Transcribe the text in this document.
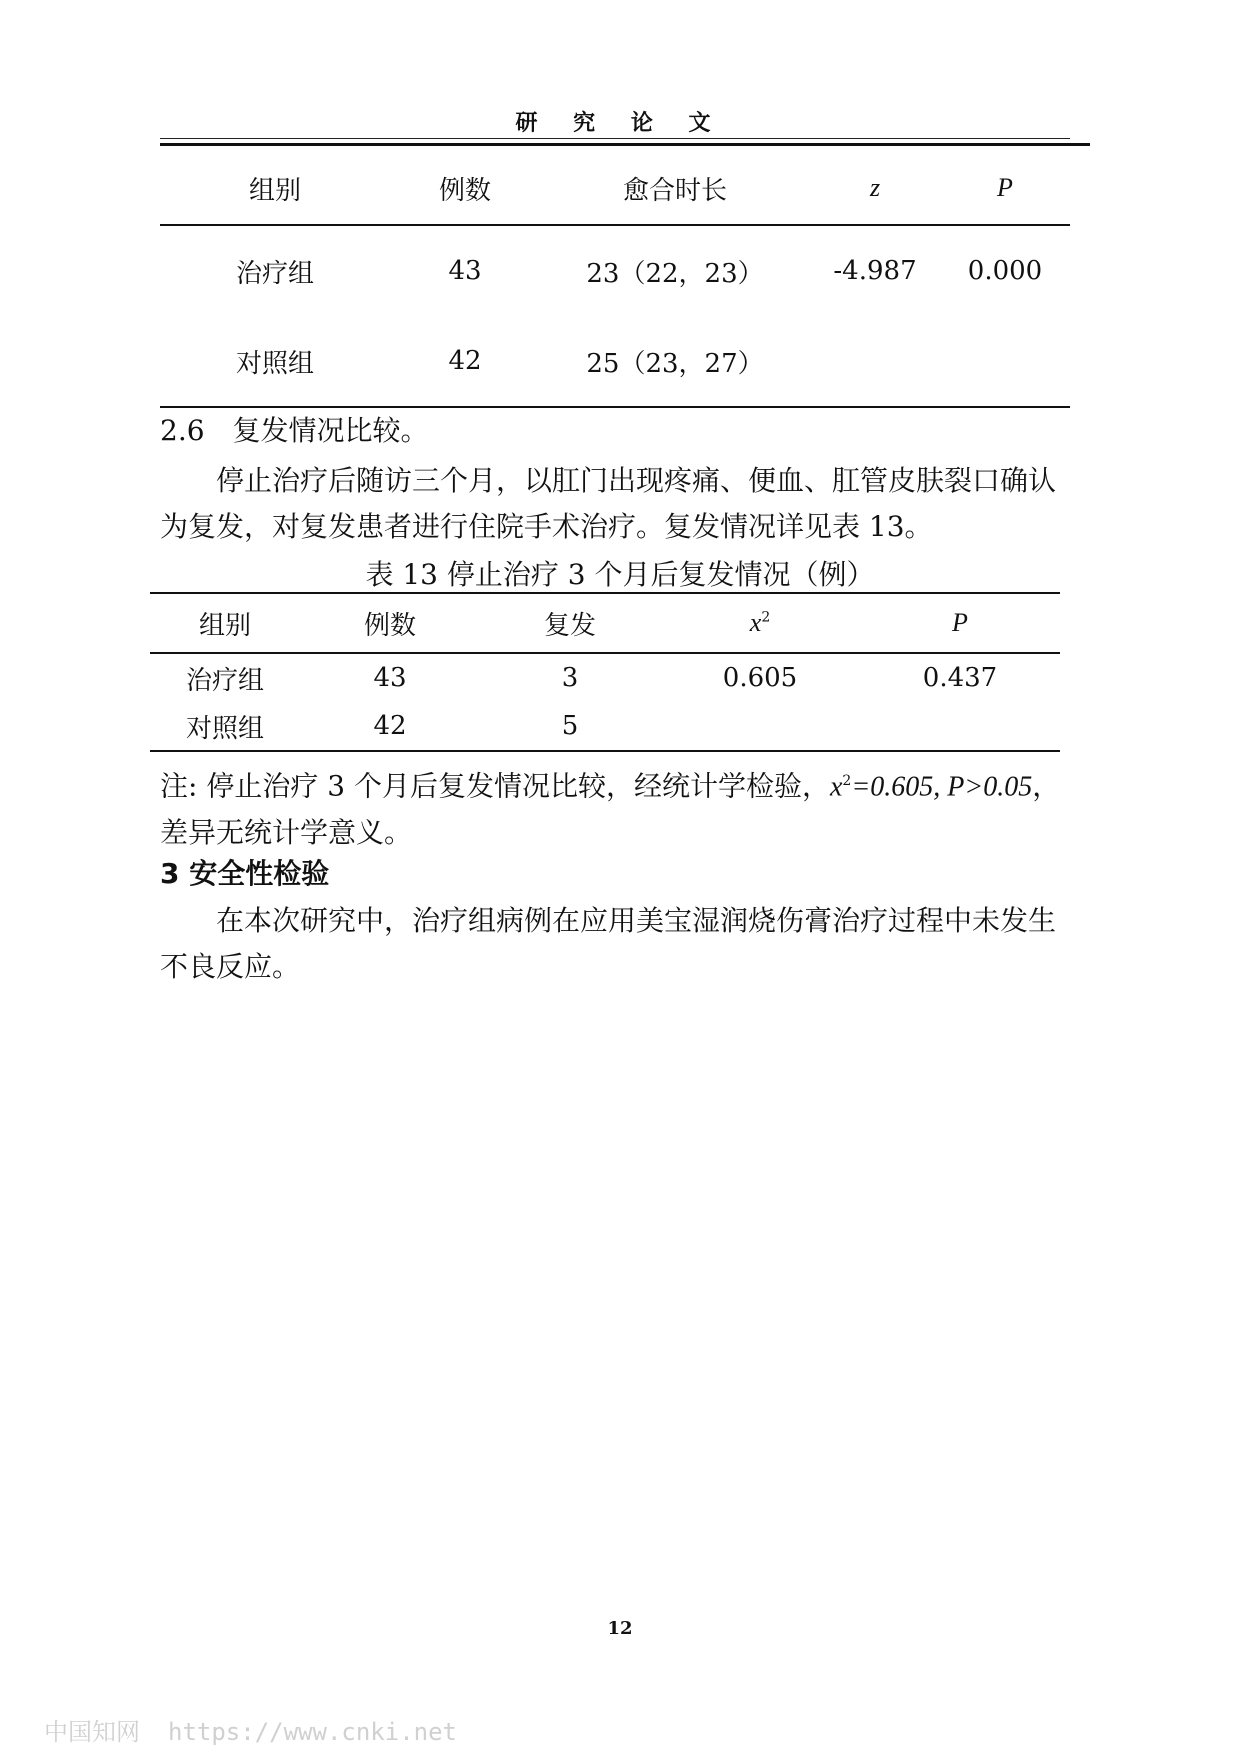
研 究 论 文
组别	例数	愈合时长	z	P
治疗组	43	23（22，23）	-4.987	0.000
对照组	42	25（23，27）		
2.6　复发情况比较。
停止治疗后随访三个月，以肛门出现疼痛、便血、肛管皮肤裂口确认为复发，对复发患者进行住院手术治疗。复发情况详见表 13。
表 13 停止治疗 3 个月后复发情况（例）
组别	例数	复发	$x^2$	P
治疗组	43	3	0.605	0.437
对照组	42	5		
注: 停止治疗 3 个月后复发情况比较，经统计学检验，$x^2=0.605$, P>0.05，
差异无统计学意义。
3 安全性检验
在本次研究中，治疗组病例在应用美宝湿润烧伤膏治疗过程中未发生不良反应。
12
中国知网 https://www.cnki.net
